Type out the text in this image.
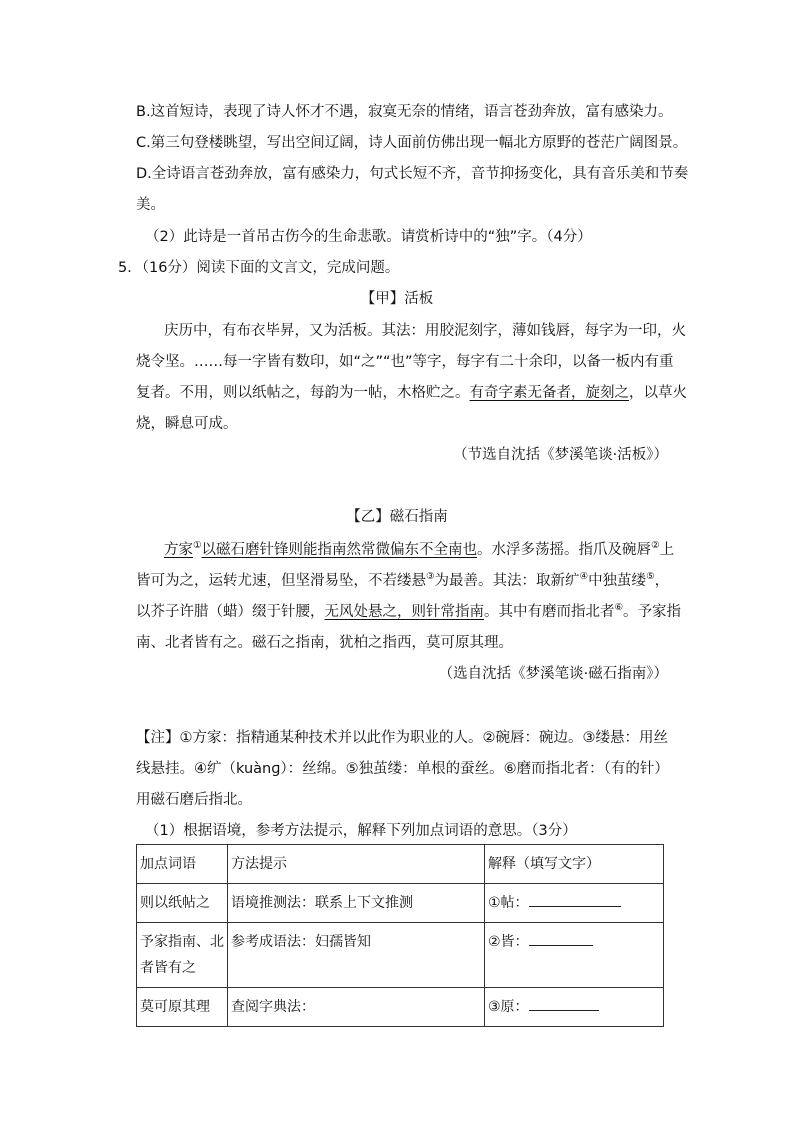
B.这首短诗，表现了诗人怀才不遇，寂寞无奈的情绪，语言苍劲奔放，富有感染力。
C.第三句登楼眺望，写出空间辽阔，诗人面前仿佛出现一幅北方原野的苍茫广阔图景。
D.全诗语言苍劲奔放，富有感染力，句式长短不齐，音节抑扬变化，具有音乐美和节奏
美。
（2）此诗是一首吊古伤今的生命悲歌。请赏析诗中的“独”字。（4分）
5．（16分）阅读下面的文言文，完成问题。
【甲】活板
庆历中，有布衣毕昇，又为活板。其法：用胶泥刻字，薄如钱唇，每字为一印，火
烧令坚。……每一字皆有数印，如“之”“也”等字，每字有二十余印，以备一板内有重
复者。不用，则以纸帖之，每韵为一帖，木格贮之。有奇字素无备者，旋刻之，以草火
烧，瞬息可成。
（节选自沈括《梦溪笔谈·活板》）
【乙】磁石指南
方家①以磁石磨针锋则能指南然常微偏东不全南也。水浮多荡摇。指爪及碗唇②上
皆可为之，运转尤速，但坚滑易坠，不若缕悬③为最善。其法：取新纩④中独茧缕⑤，
以芥子许腊（蜡）缀于针腰，无风处悬之，则针常指南。其中有磨而指北者⑥。予家指
南、北者皆有之。磁石之指南，犹柏之指西，莫可原其理。
（选自沈括《梦溪笔谈·磁石指南》）
【注】①方家：指精通某种技术并以此作为职业的人。②碗唇：碗边。③缕悬：用丝
线悬挂。④纩（kuànɡ）：丝绵。⑤独茧缕：单根的蚕丝。⑥磨而指北者：（有的针）
用磁石磨后指北。
（1）根据语境，参考方法提示，解释下列加点词语的意思。（3分）
加点词语	方法提示	解释（填写文字）
则以纸帖之	语境推测法：联系上下文推测	①帖：
予家指南、北者皆有之	参考成语法：妇孺皆知	②皆：
莫可原其理	查阅字典法：	③原：
